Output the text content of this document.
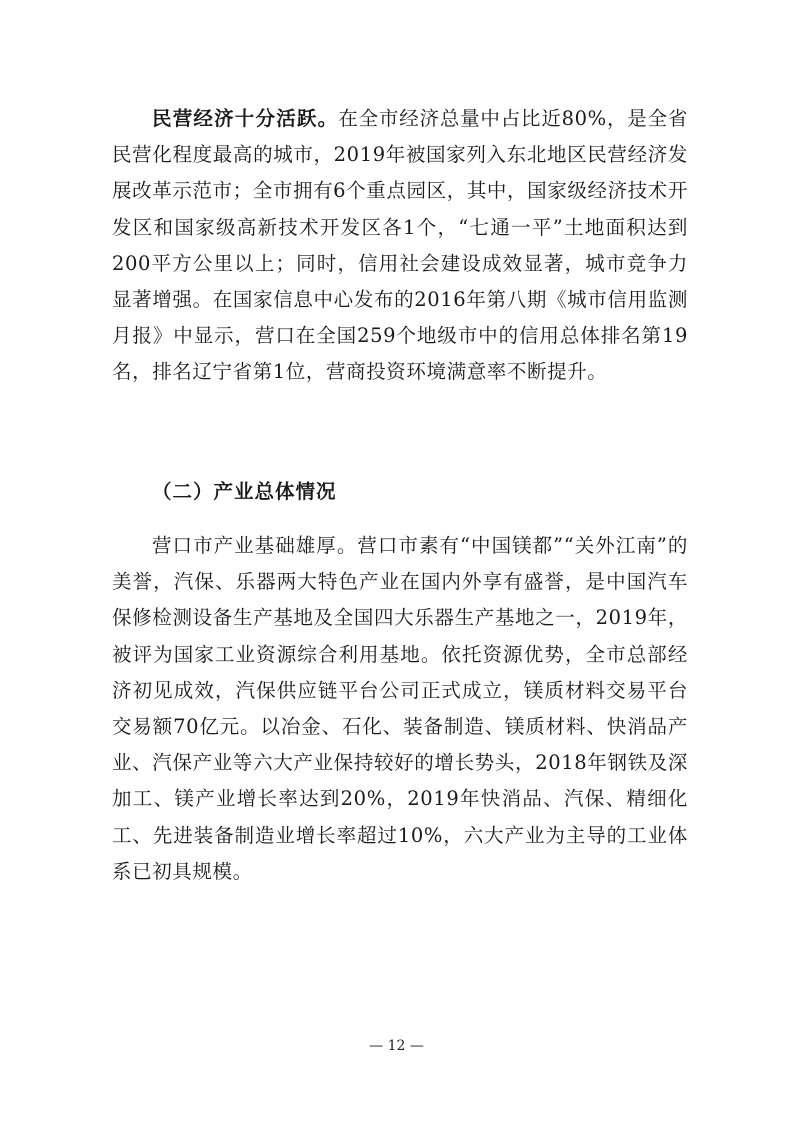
民营经济十分活跃。在全市经济总量中占比近80%，是全省民营化程度最高的城市，2019年被国家列入东北地区民营经济发展改革示范市；全市拥有6个重点园区，其中，国家级经济技术开发区和国家级高新技术开发区各1个，“七通一平”土地面积达到200平方公里以上；同时，信用社会建设成效显著，城市竞争力显著增强。在国家信息中心发布的2016年第八期《城市信用监测月报》中显示，营口在全国259个地级市中的信用总体排名第19名，排名辽宁省第1位，营商投资环境满意率不断提升。

（二）产业总体情况

营口市产业基础雄厚。营口市素有“中国镁都”“关外江南”的美誉，汽保、乐器两大特色产业在国内外享有盛誉，是中国汽车保修检测设备生产基地及全国四大乐器生产基地之一，2019年，被评为国家工业资源综合利用基地。依托资源优势，全市总部经济初见成效，汽保供应链平台公司正式成立，镁质材料交易平台交易额70亿元。以冶金、石化、装备制造、镁质材料、快消品产业、汽保产业等六大产业保持较好的增长势头，2018年钢铁及深加工、镁产业增长率达到20%，2019年快消品、汽保、精细化工、先进装备制造业增长率超过10%，六大产业为主导的工业体系已初具规模。

— 12 —
